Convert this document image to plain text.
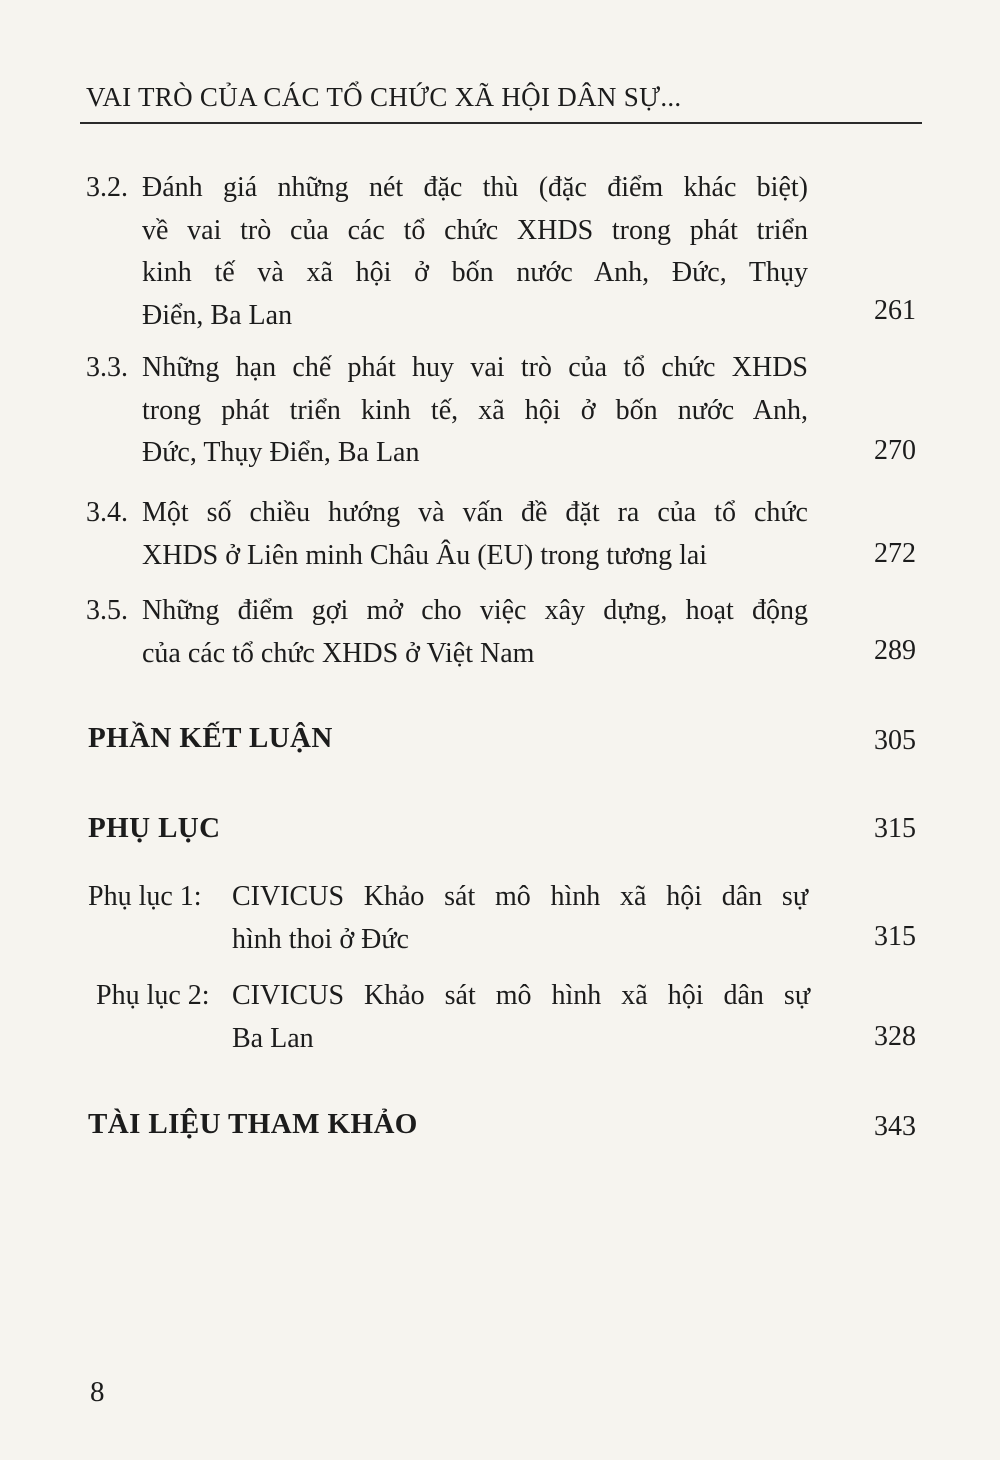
VAI TRÒ CỦA CÁC TỔ CHỨC XÃ HỘI DÂN SỰ...
3.2. Đánh giá những nét đặc thù (đặc điểm khác biệt)
về vai trò của các tổ chức XHDS trong phát triển
kinh tế và xã hội ở bốn nước Anh, Đức, Thụy
Điển, Ba Lan	261
3.3. Những hạn chế phát huy vai trò của tổ chức XHDS
trong phát triển kinh tế, xã hội ở bốn nước Anh,
Đức, Thụy Điển, Ba Lan	270
3.4. Một số chiều hướng và vấn đề đặt ra của tổ chức
XHDS ở Liên minh Châu Âu (EU) trong tương lai	272
3.5. Những điểm gợi mở cho việc xây dựng, hoạt động
của các tổ chức XHDS ở Việt Nam	289
PHẦN KẾT LUẬN	305
PHỤ LỤC	315
Phụ lục 1: CIVICUS Khảo sát mô hình xã hội dân sự
hình thoi ở Đức	315
Phụ lục 2: CIVICUS Khảo sát mô hình xã hội dân sự
Ba Lan	328
TÀI LIỆU THAM KHẢO	343
8
